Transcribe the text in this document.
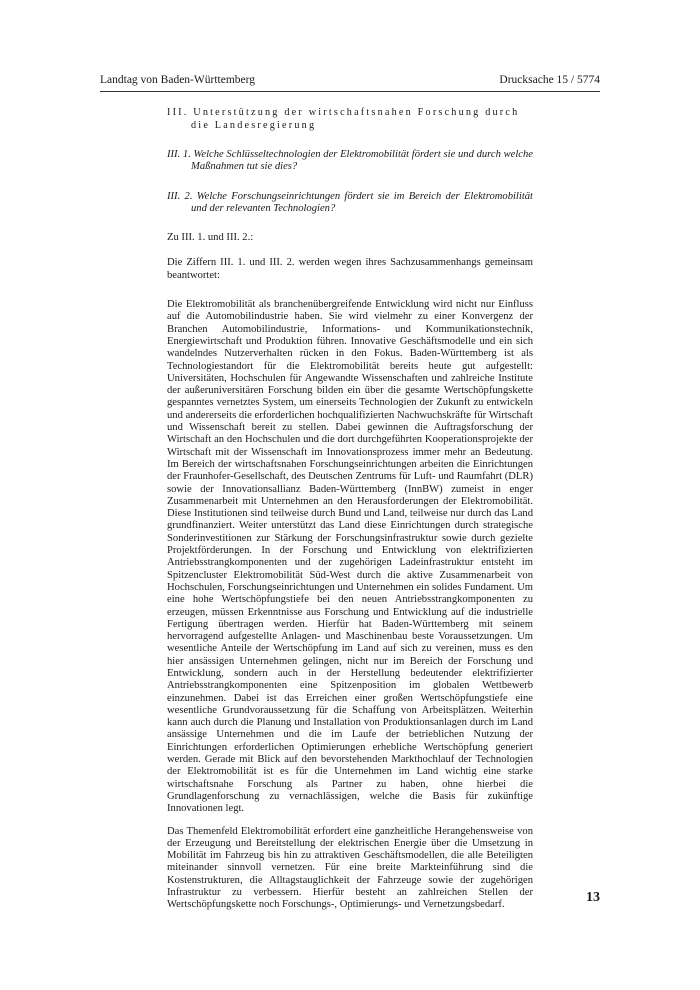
Landtag von Baden-Württemberg	Drucksache 15 / 5774

III. Unterstützung der wirtschaftsnahen Forschung durch die Landesregierung

III. 1. Welche Schlüsseltechnologien der Elektromobilität fördert sie und durch welche Maßnahmen tut sie dies?

III. 2. Welche Forschungseinrichtungen fördert sie im Bereich der Elektromobilität und der relevanten Technologien?

Zu III. 1. und III. 2.:

Die Ziffern III. 1. und III. 2. werden wegen ihres Sachzusammenhangs gemeinsam beantwortet:

Die Elektromobilität als branchenübergreifende Entwicklung wird nicht nur Einfluss auf die Automobilindustrie haben. Sie wird vielmehr zu einer Konvergenz der Branchen Automobilindustrie, Informations- und Kommunikationstechnik, Energiewirtschaft und Produktion führen. Innovative Geschäftsmodelle und ein sich wandelndes Nutzerverhalten rücken in den Fokus. Baden-Württemberg ist als Technologiestandort für die Elektromobilität bereits heute gut aufgestellt: Universitäten, Hochschulen für Angewandte Wissenschaften und zahlreiche Institute der außeruniversitären Forschung bilden ein über die gesamte Wertschöpfungskette gespanntes vernetztes System, um einerseits Technologien der Zukunft zu entwickeln und andererseits die erforderlichen hochqualifizierten Nachwuchskräfte für Wirtschaft und Wissenschaft bereit zu stellen. Dabei gewinnen die Auftragsforschung der Wirtschaft an den Hochschulen und die dort durchgeführten Kooperationsprojekte der Wirtschaft mit der Wissenschaft im Innovationsprozess immer mehr an Bedeutung. Im Bereich der wirtschaftsnahen Forschungseinrichtungen arbeiten die Einrichtungen der Fraunhofer-Gesellschaft, des Deutschen Zentrums für Luft- und Raumfahrt (DLR) sowie der Innovationsallianz Baden-Württemberg (InnBW) zumeist in enger Zusammenarbeit mit Unternehmen an den Herausforderungen der Elektromobilität. Diese Institutionen sind teilweise durch Bund und Land, teilweise nur durch das Land grundfinanziert. Weiter unterstützt das Land diese Einrichtungen durch strategische Sonderinvestitionen zur Stärkung der Forschungsinfrastruktur sowie durch gezielte Projektförderungen. In der Forschung und Entwicklung von elektrifizierten Antriebsstrangkomponenten und der zugehörigen Ladeinfrastruktur entsteht im Spitzencluster Elektromobilität Süd-West durch die aktive Zusammenarbeit von Hochschulen, Forschungseinrichtungen und Unternehmen ein solides Fundament. Um eine hohe Wertschöpfungstiefe bei den neuen Antriebsstrangkomponenten zu erzeugen, müssen Erkenntnisse aus Forschung und Entwicklung auf die industrielle Fertigung übertragen werden. Hierfür hat Baden-Württemberg mit seinem hervorragend aufgestellte Anlagen- und Maschinenbau beste Voraussetzungen. Um wesentliche Anteile der Wertschöpfung im Land auf sich zu vereinen, muss es den hier ansässigen Unternehmen gelingen, nicht nur im Bereich der Forschung und Entwicklung, sondern auch in der Herstellung bedeutender elektrifizierter Antriebsstrangkomponenten eine Spitzenposition im globalen Wettbewerb einzunehmen. Dabei ist das Erreichen einer großen Wertschöpfungstiefe eine wesentliche Grundvoraussetzung für die Schaffung von Arbeitsplätzen. Weiterhin kann auch durch die Planung und Installation von Produktionsanlagen durch im Land ansässige Unternehmen und die im Laufe der betrieblichen Nutzung der Einrichtungen erforderlichen Optimierungen erhebliche Wertschöpfung generiert werden. Gerade mit Blick auf den bevorstehenden Markthochlauf der Technologien der Elektromobilität ist es für die Unternehmen im Land wichtig eine starke wirtschaftsnahe Forschung als Partner zu haben, ohne hierbei die Grundlagenforschung zu vernachlässigen, welche die Basis für zukünftige Innovationen legt.

Das Themenfeld Elektromobilität erfordert eine ganzheitliche Herangehensweise von der Erzeugung und Bereitstellung der elektrischen Energie über die Umsetzung in Mobilität im Fahrzeug bis hin zu attraktiven Geschäftsmodellen, die alle Beteiligten miteinander sinnvoll vernetzen. Für eine breite Markteinführung sind die Kostenstrukturen, die Alltagstauglichkeit der Fahrzeuge sowie der zugehörigen Infrastruktur zu verbessern. Hierfür besteht an zahlreichen Stellen der Wertschöpfungskette noch Forschungs-, Optimierungs- und Vernetzungsbedarf.	13
